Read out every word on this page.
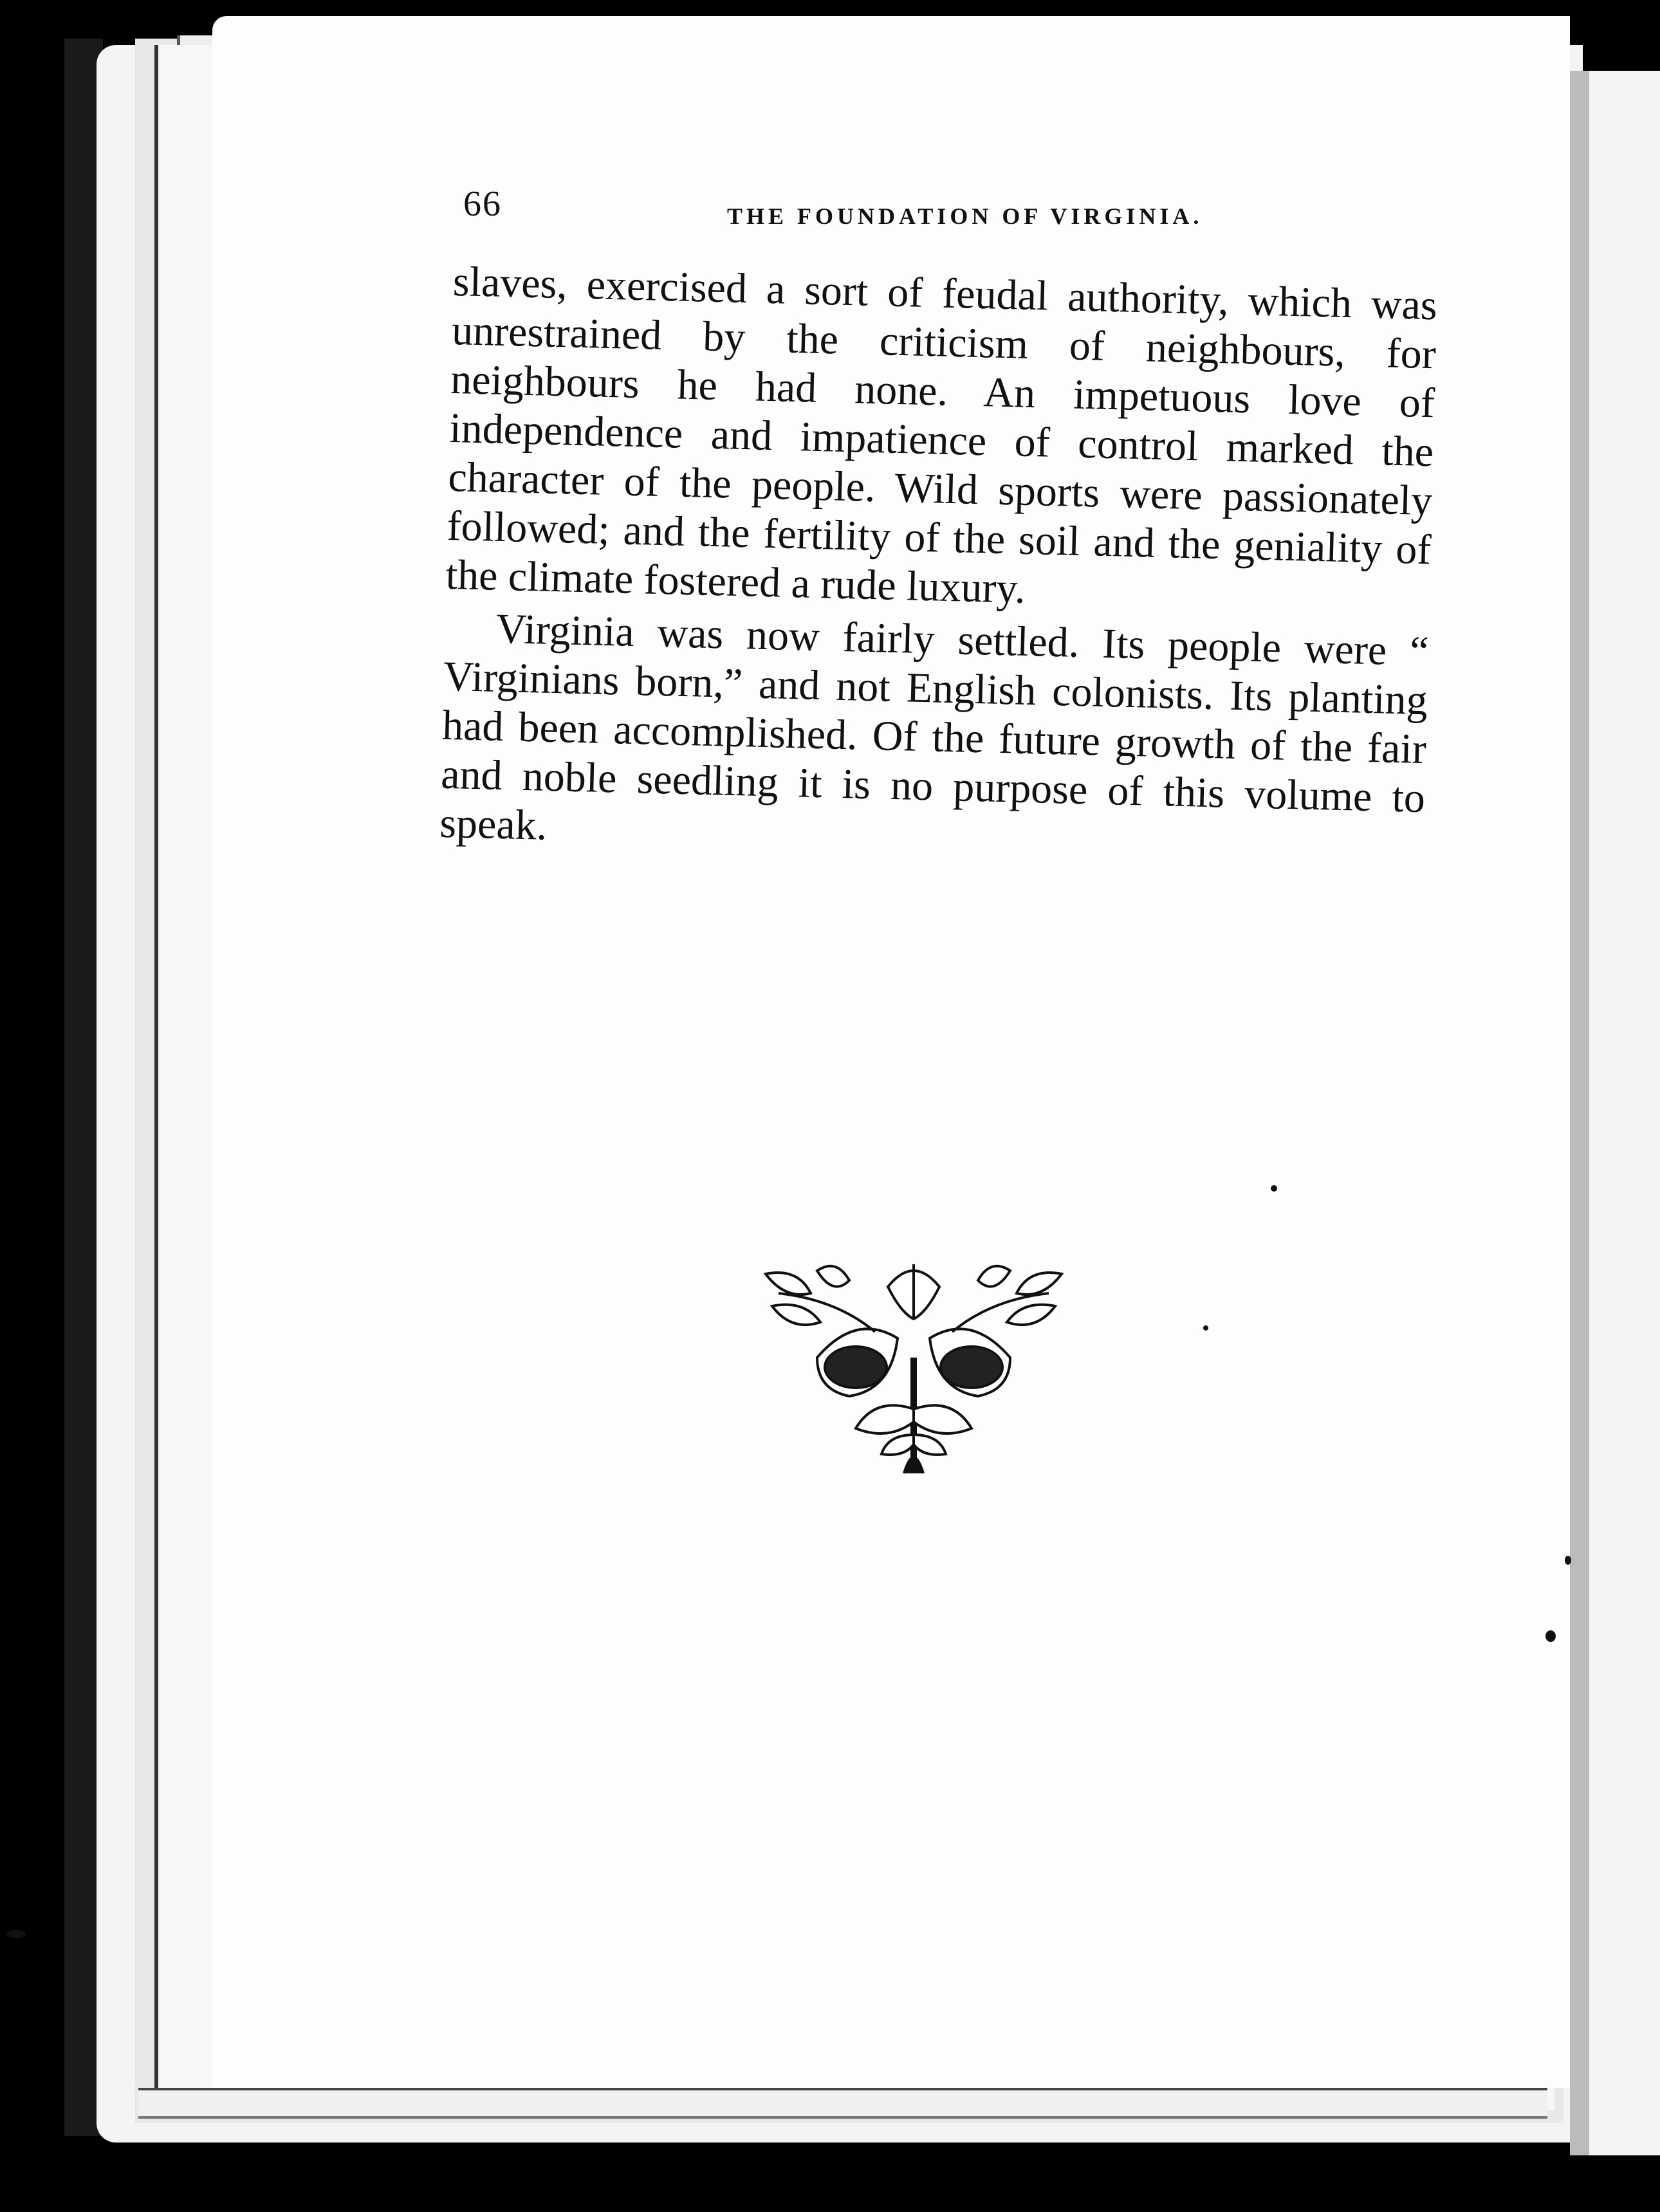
66	THE FOUNDATION OF VIRGINIA.

slaves, exercised a sort of feudal authority, which was unrestrained by the criticism of neighbours, for neighbours he had none. An impetuous love of independence and impatience of control marked the character of the people. Wild sports were passionately followed; and the fertility of the soil and the geniality of the climate fostered a rude luxury.

Virginia was now fairly settled. Its people were “ Virginians born,” and not English colonists. Its planting had been accomplished. Of the future growth of the fair and noble seedling it is no purpose of this volume to speak.
